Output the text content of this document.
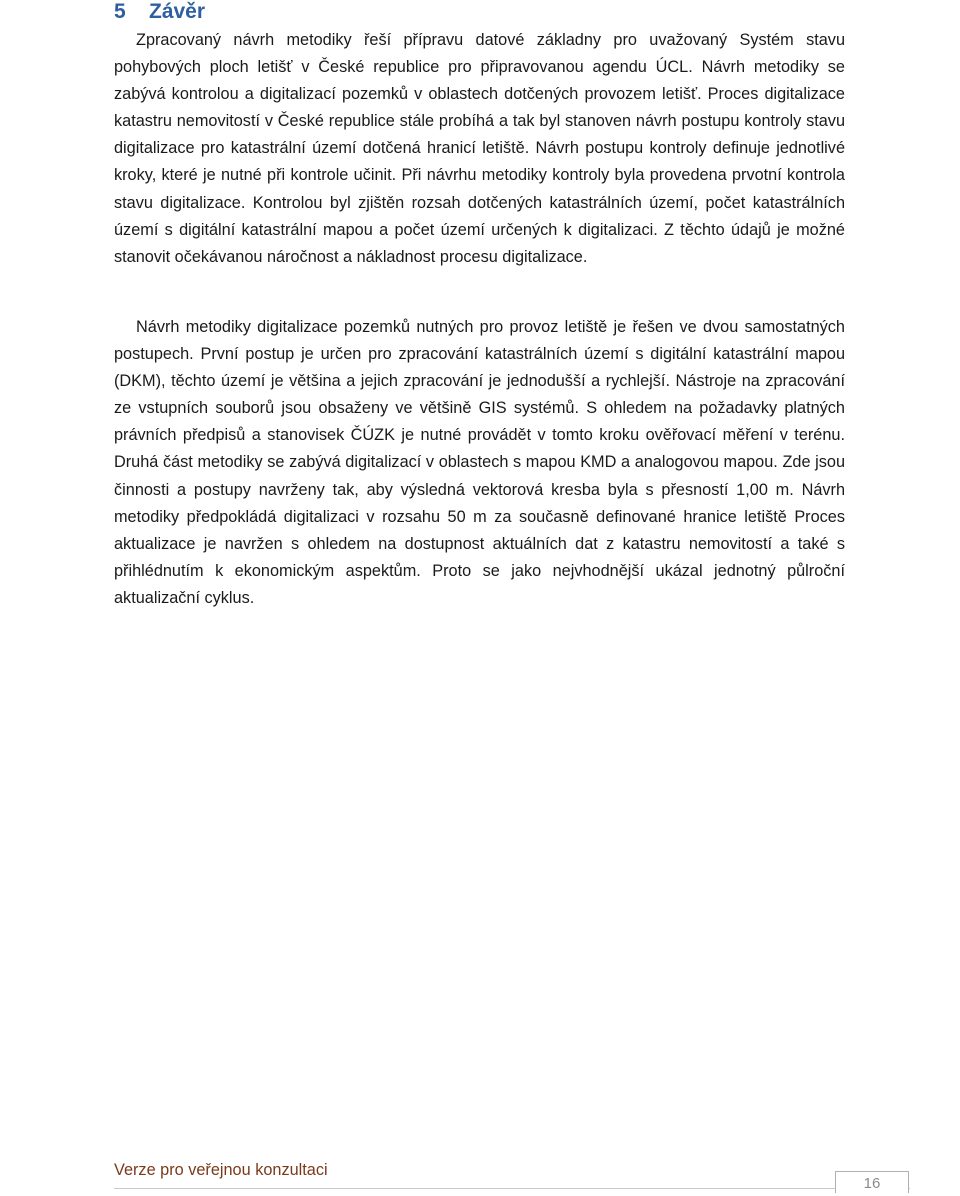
5 Závěr

Zpracovaný návrh metodiky řeší přípravu datové základny pro uvažovaný Systém stavu pohybových ploch letišť v České republice pro připravovanou agendu ÚCL. Návrh metodiky se zabývá kontrolou a digitalizací pozemků v oblastech dotčených provozem letišť. Proces digitalizace katastru nemovitostí v České republice stále probíhá a tak byl stanoven návrh postupu kontroly stavu digitalizace pro katastrální území dotčená hranicí letiště. Návrh postupu kontroly definuje jednotlivé kroky, které je nutné při kontrole učinit. Při návrhu metodiky kontroly byla provedena prvotní kontrola stavu digitalizace. Kontrolou byl zjištěn rozsah dotčených katastrálních území, počet katastrálních území s digitální katastrální mapou a počet území určených k digitalizaci. Z těchto údajů je možné stanovit očekávanou náročnost a nákladnost procesu digitalizace.

Návrh metodiky digitalizace pozemků nutných pro provoz letiště je řešen ve dvou samostatných postupech. První postup je určen pro zpracování katastrálních území s digitální katastrální mapou (DKM), těchto území je většina a jejich zpracování je jednodušší a rychlejší. Nástroje na zpracování ze vstupních souborů jsou obsaženy ve většině GIS systémů. S ohledem na požadavky platných právních předpisů a stanovisek ČÚZK je nutné provádět v tomto kroku ověřovací měření v terénu. Druhá část metodiky se zabývá digitalizací v oblastech s mapou KMD a analogovou mapou. Zde jsou činnosti a postupy navrženy tak, aby výsledná vektorová kresba byla s přesností 1,00 m. Návrh metodiky předpokládá digitalizaci v rozsahu 50 m za současně definované hranice letiště Proces aktualizace je navržen s ohledem na dostupnost aktuálních dat z katastru nemovitostí a také s přihlédnutím k ekonomickým aspektům. Proto se jako nejvhodnější ukázal jednotný půlroční aktualizační cyklus.

Verze pro veřejnou konzultaci
16
